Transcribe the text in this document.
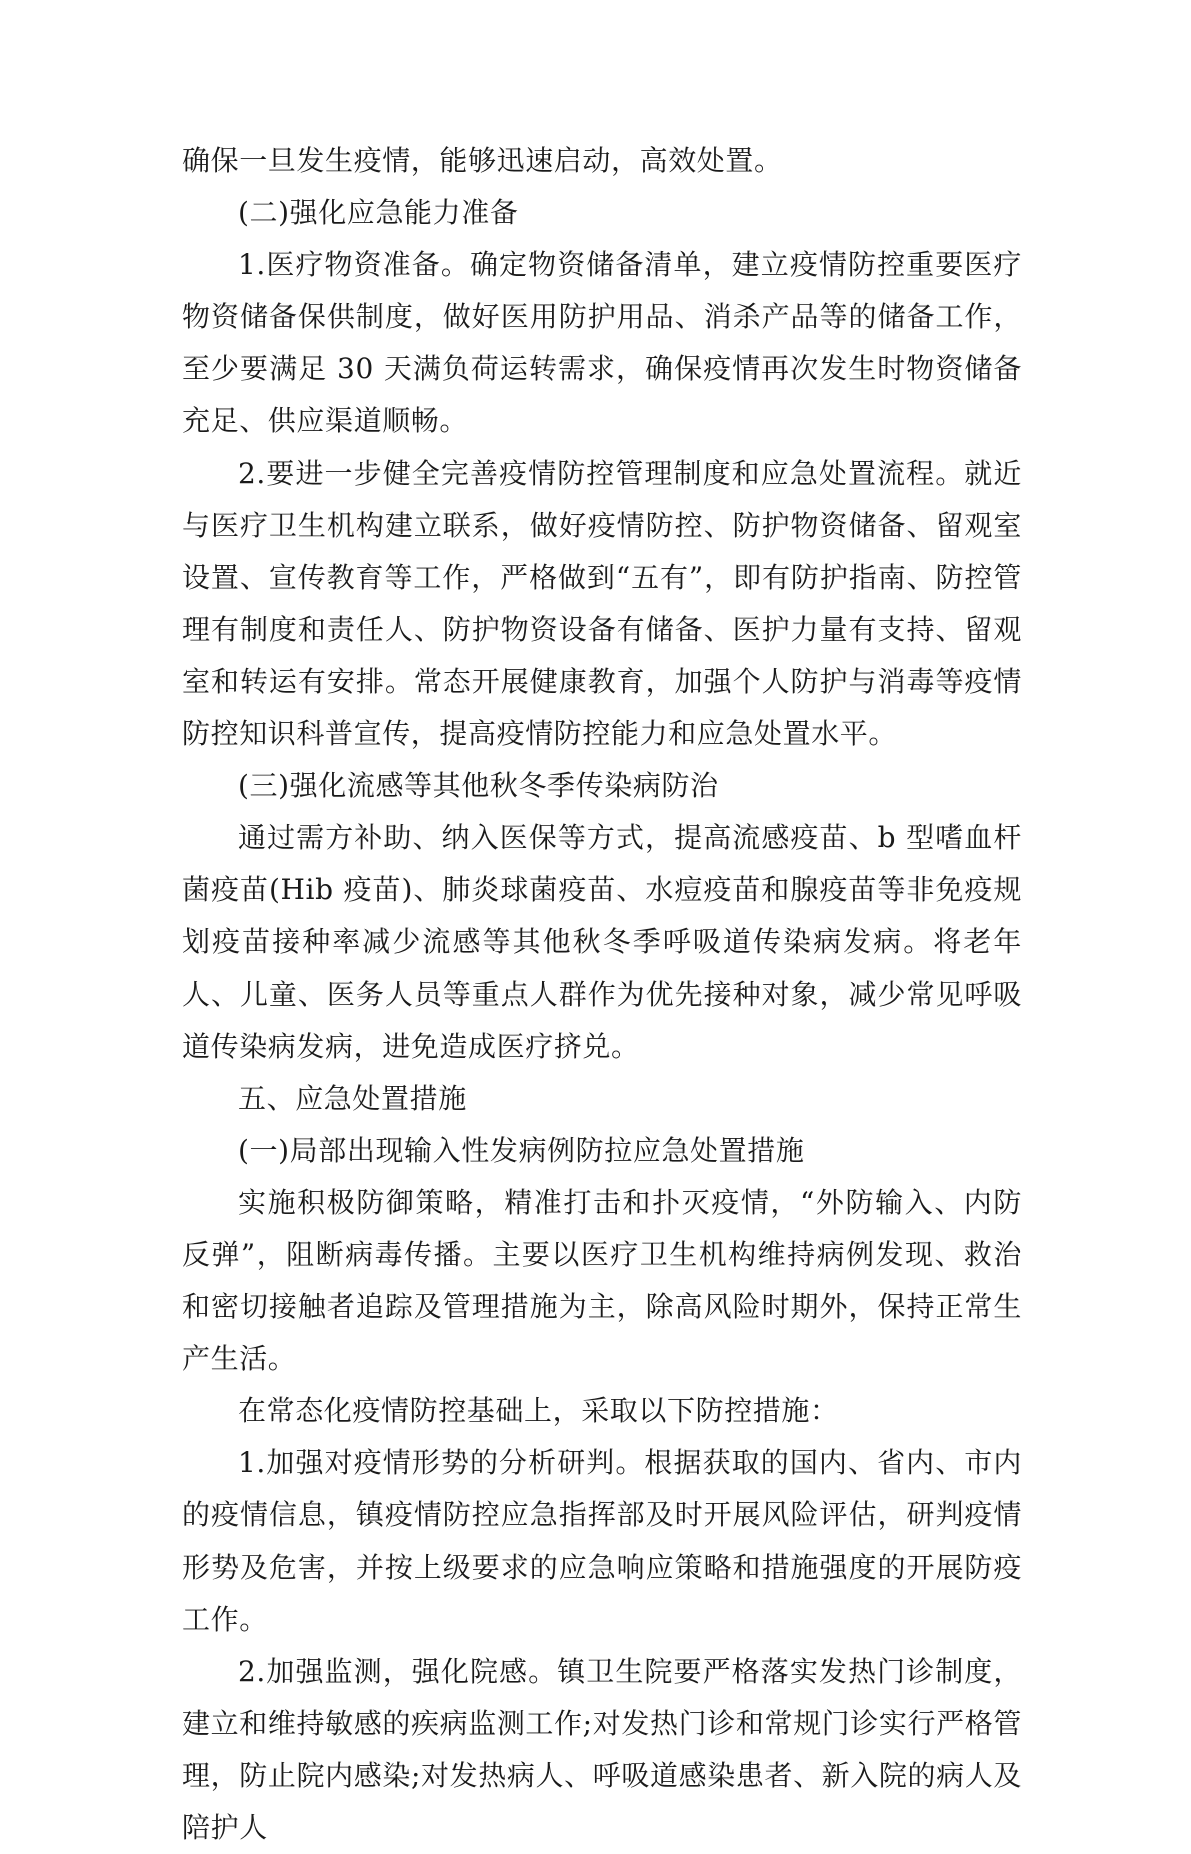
确保一旦发生疫情，能够迅速启动，高效处置。

(二)强化应急能力准备

1.医疗物资准备。确定物资储备清单，建立疫情防控重要医疗物资储备保供制度，做好医用防护用品、消杀产品等的储备工作，至少要满足 30 天满负荷运转需求，确保疫情再次发生时物资储备充足、供应渠道顺畅。

2.要进一步健全完善疫情防控管理制度和应急处置流程。就近与医疗卫生机构建立联系，做好疫情防控、防护物资储备、留观室设置、宣传教育等工作，严格做到“五有”，即有防护指南、防控管理有制度和责任人、防护物资设备有储备、医护力量有支持、留观室和转运有安排。常态开展健康教育，加强个人防护与消毒等疫情防控知识科普宣传，提高疫情防控能力和应急处置水平。

(三)强化流感等其他秋冬季传染病防治

通过需方补助、纳入医保等方式，提高流感疫苗、b 型嗜血杆菌疫苗(Hib 疫苗)、肺炎球菌疫苗、水痘疫苗和腺疫苗等非免疫规划疫苗接种率减少流感等其他秋冬季呼吸道传染病发病。将老年人、儿童、医务人员等重点人群作为优先接种对象，减少常见呼吸道传染病发病，进免造成医疗挤兑。

五、应急处置措施

(一)局部出现输入性发病例防拉应急处置措施

实施积极防御策略，精准打击和扑灭疫情，“外防输入、内防反弹”，阻断病毒传播。主要以医疗卫生机构维持病例发现、救治和密切接触者追踪及管理措施为主，除高风险时期外，保持正常生产生活。

在常态化疫情防控基础上，采取以下防控措施：

1.加强对疫情形势的分析研判。根据获取的国内、省内、市内的疫情信息，镇疫情防控应急指挥部及时开展风险评估，研判疫情形势及危害，并按上级要求的应急响应策略和措施强度的开展防疫工作。

2.加强监测，强化院感。镇卫生院要严格落实发热门诊制度，建立和维持敏感的疾病监测工作;对发热门诊和常规门诊实行严格管理，防止院内感染;对发热病人、呼吸道感染患者、新入院的病人及陪护人
